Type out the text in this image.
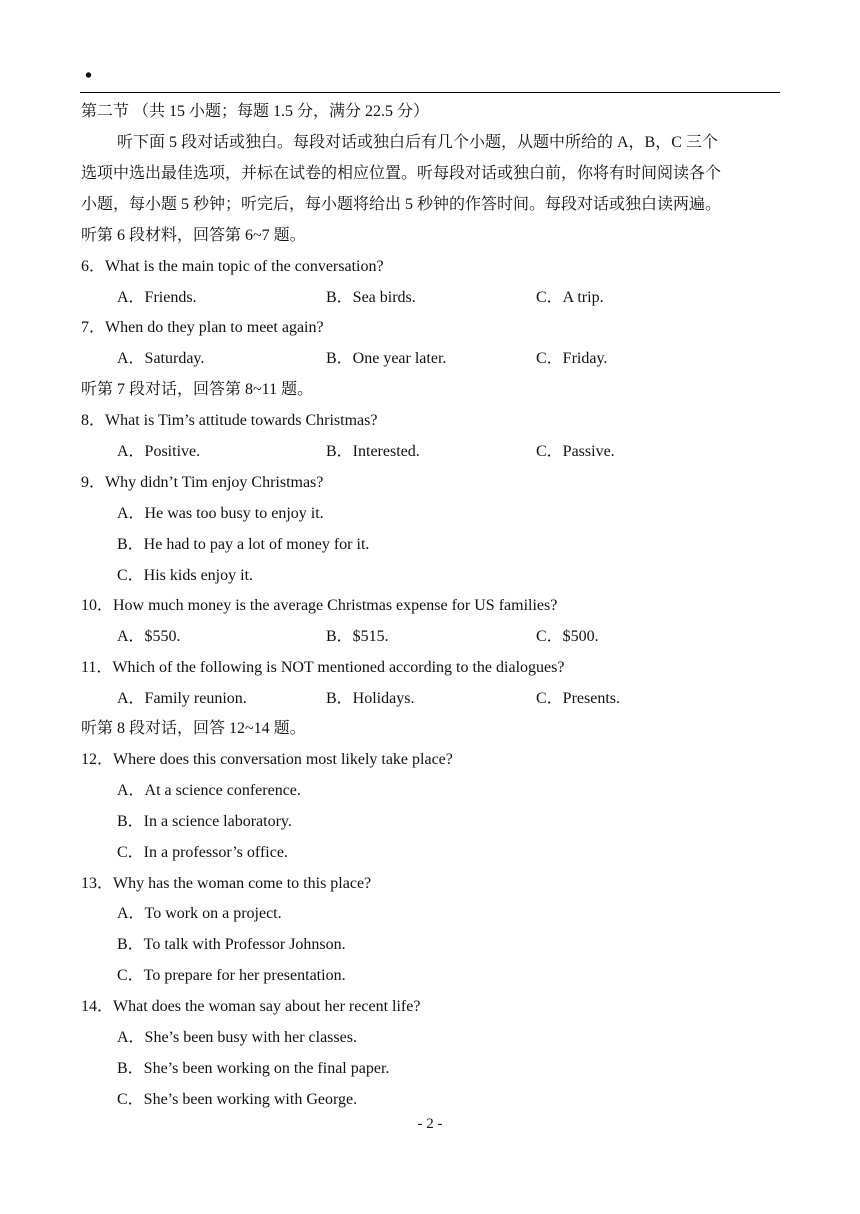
•
第二节 （共 15 小题；每题 1.5 分，满分 22.5 分）
听下面 5 段对话或独白。每段对话或独白后有几个小题，从题中所给的 A，B，C 三个
选项中选出最佳选项，并标在试卷的相应位置。听每段对话或独白前，你将有时间阅读各个
小题，每小题 5 秒钟；听完后，每小题将给出 5 秒钟的作答时间。每段对话或独白读两遍。
听第 6 段材料，回答第 6~7 题。
6．What is the main topic of the conversation?
A．Friends.	B．Sea birds.	C．A trip.
7．When do they plan to meet again?
A．Saturday.	B．One year later.	C．Friday.
听第 7 段对话，回答第 8~11 题。
8．What is Tim’s attitude towards Christmas?
A．Positive.	B．Interested.	C．Passive.
9．Why didn’t Tim enjoy Christmas?
A．He was too busy to enjoy it.
B．He had to pay a lot of money for it.
C．His kids enjoy it.
10．How much money is the average Christmas expense for US families?
A．$550.	B．$515.	C．$500.
11．Which of the following is NOT mentioned according to the dialogues?
A．Family reunion.	B．Holidays.	C．Presents.
听第 8 段对话，回答 12~14 题。
12．Where does this conversation most likely take place?
A．At a science conference.
B．In a science laboratory.
C．In a professor’s office.
13．Why has the woman come to this place?
A．To work on a project.
B．To talk with Professor Johnson.
C．To prepare for her presentation.
14．What does the woman say about her recent life?
A．She’s been busy with her classes.
B．She’s been working on the final paper.
C．She’s been working with George.
- 2 -
